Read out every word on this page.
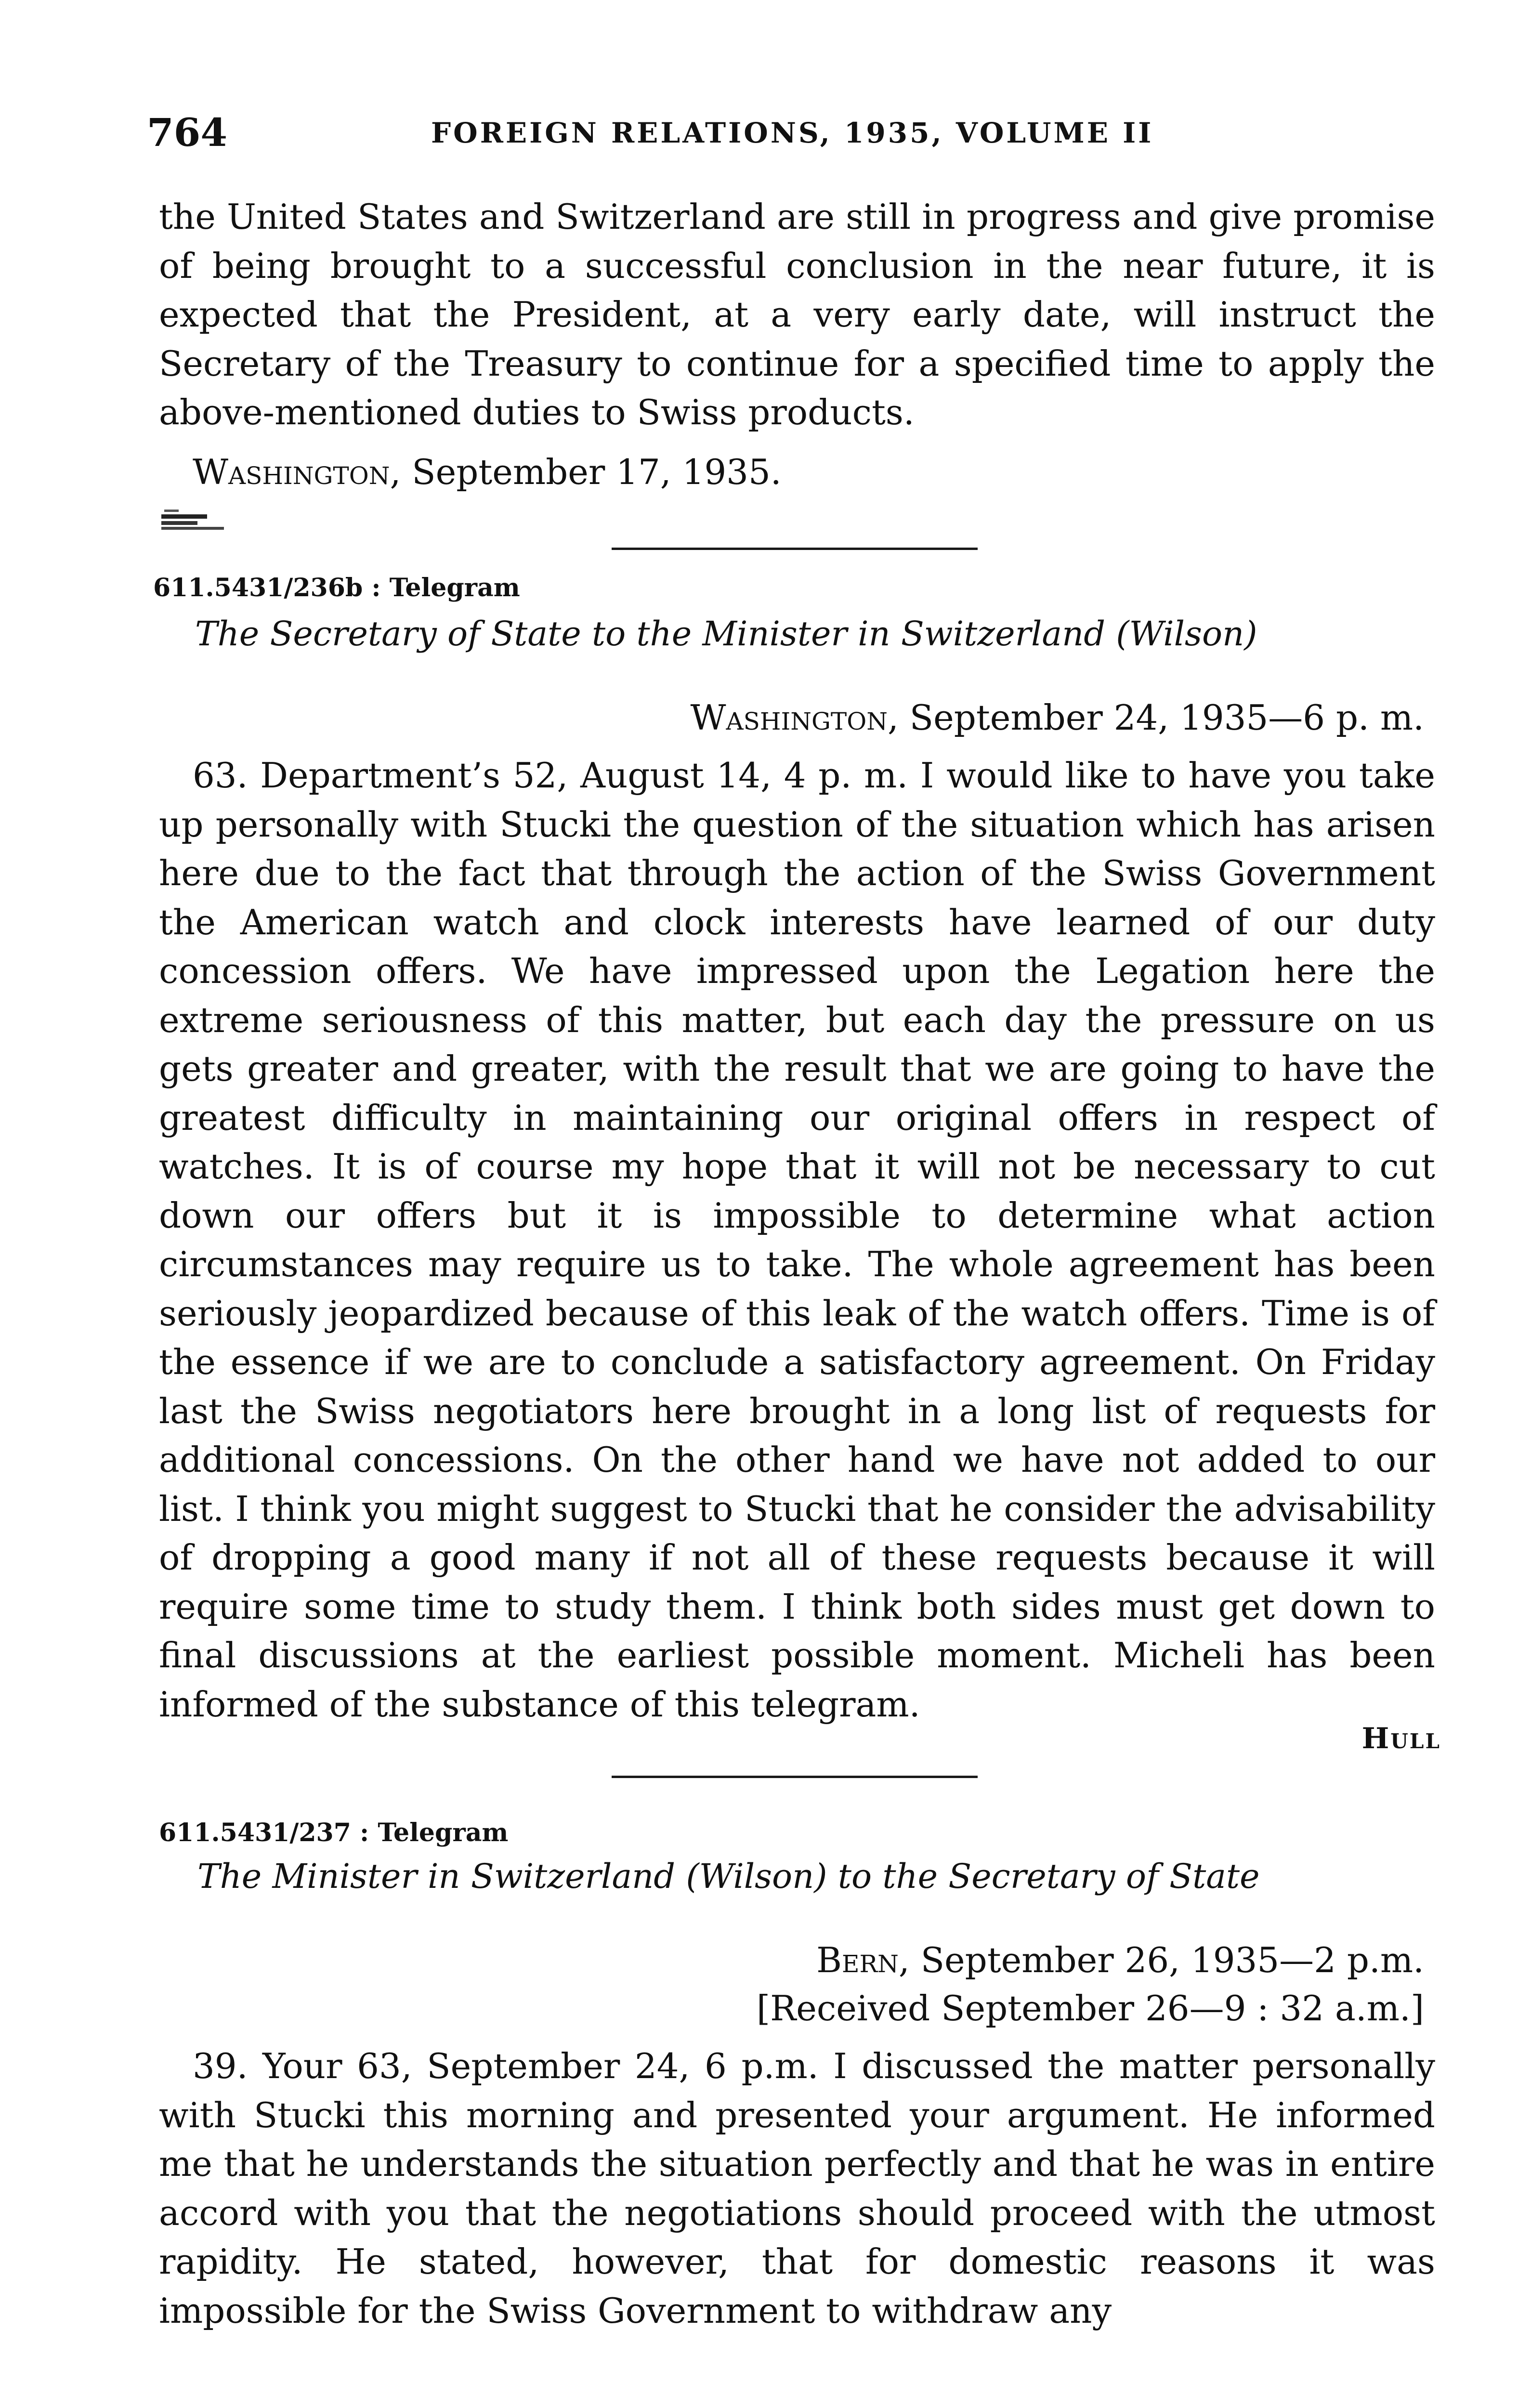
764	FOREIGN RELATIONS, 1935, VOLUME II

the United States and Switzerland are still in progress and give promise of being brought to a successful conclusion in the near future, it is expected that the President, at a very early date, will instruct the Secretary of the Treasury to continue for a specified time to apply the above-mentioned duties to Swiss products.

Washington, September 17, 1935.
611.5431/236b : Telegram
The Secretary of State to the Minister in Switzerland (Wilson)
Washington, September 24, 1935—6 p. m.

63. Department’s 52, August 14, 4 p. m. I would like to have you take up personally with Stucki the question of the situation which has arisen here due to the fact that through the action of the Swiss Government the American watch and clock interests have learned of our duty concession offers. We have impressed upon the Legation here the extreme seriousness of this matter, but each day the pressure on us gets greater and greater, with the result that we are going to have the greatest difficulty in maintaining our original offers in respect of watches. It is of course my hope that it will not be necessary to cut down our offers but it is impossible to determine what action circumstances may require us to take. The whole agreement has been seriously jeopardized because of this leak of the watch offers. Time is of the essence if we are to conclude a satisfactory agreement. On Friday last the Swiss negotiators here brought in a long list of requests for additional concessions. On the other hand we have not added to our list. I think you might suggest to Stucki that he consider the advisability of dropping a good many if not all of these requests because it will require some time to study them. I think both sides must get down to final discussions at the earliest possible moment. Micheli has been informed of the substance of this telegram.

Hull
611.5431/237 : Telegram
The Minister in Switzerland (Wilson) to the Secretary of State
Bern, September 26, 1935—2 p.m.
[Received September 26—9 : 32 a.m.]

39. Your 63, September 24, 6 p.m. I discussed the matter personally with Stucki this morning and presented your argument. He informed me that he understands the situation perfectly and that he was in entire accord with you that the negotiations should proceed with the utmost rapidity. He stated, however, that for domestic reasons it was impossible for the Swiss Government to withdraw any
